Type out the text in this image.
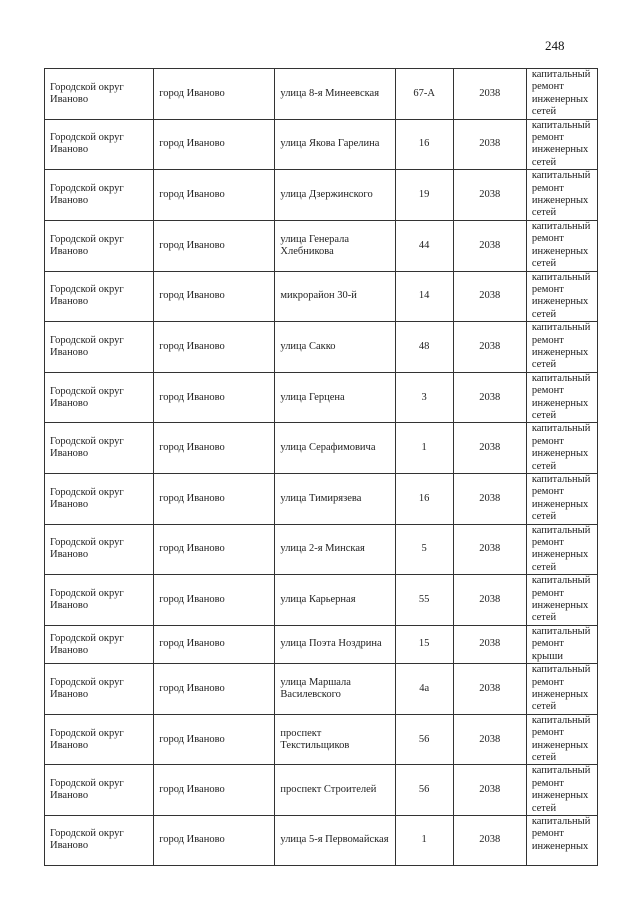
248
Городской округ Иваново	город Иваново	улица 8-я Минеевская	67-А	2038	капитальный ремонт инженерных сетей
Городской округ Иваново	город Иваново	улица Якова Гарелина	16	2038	капитальный ремонт инженерных сетей
Городской округ Иваново	город Иваново	улица Дзержинского	19	2038	капитальный ремонт инженерных сетей
Городской округ Иваново	город Иваново	улица Генерала Хлебникова	44	2038	капитальный ремонт инженерных сетей
Городской округ Иваново	город Иваново	микрорайон 30-й	14	2038	капитальный ремонт инженерных сетей
Городской округ Иваново	город Иваново	улица Сакко	48	2038	капитальный ремонт инженерных сетей
Городской округ Иваново	город Иваново	улица Герцена	3	2038	капитальный ремонт инженерных сетей
Городской округ Иваново	город Иваново	улица Серафимовича	1	2038	капитальный ремонт инженерных сетей
Городской округ Иваново	город Иваново	улица Тимирязева	16	2038	капитальный ремонт инженерных сетей
Городской округ Иваново	город Иваново	улица 2-я Минская	5	2038	капитальный ремонт инженерных сетей
Городской округ Иваново	город Иваново	улица Карьерная	55	2038	капитальный ремонт инженерных сетей
Городской округ Иваново	город Иваново	улица Поэта Ноздрина	15	2038	капитальный ремонт крыши
Городской округ Иваново	город Иваново	улица Маршала Василевского	4а	2038	капитальный ремонт инженерных сетей
Городской округ Иваново	город Иваново	проспект Текстильщиков	56	2038	капитальный ремонт инженерных сетей
Городской округ Иваново	город Иваново	проспект Строителей	56	2038	капитальный ремонт инженерных сетей
Городской округ Иваново	город Иваново	улица 5-я Первомайская	1	2038	капитальный ремонт инженерных
